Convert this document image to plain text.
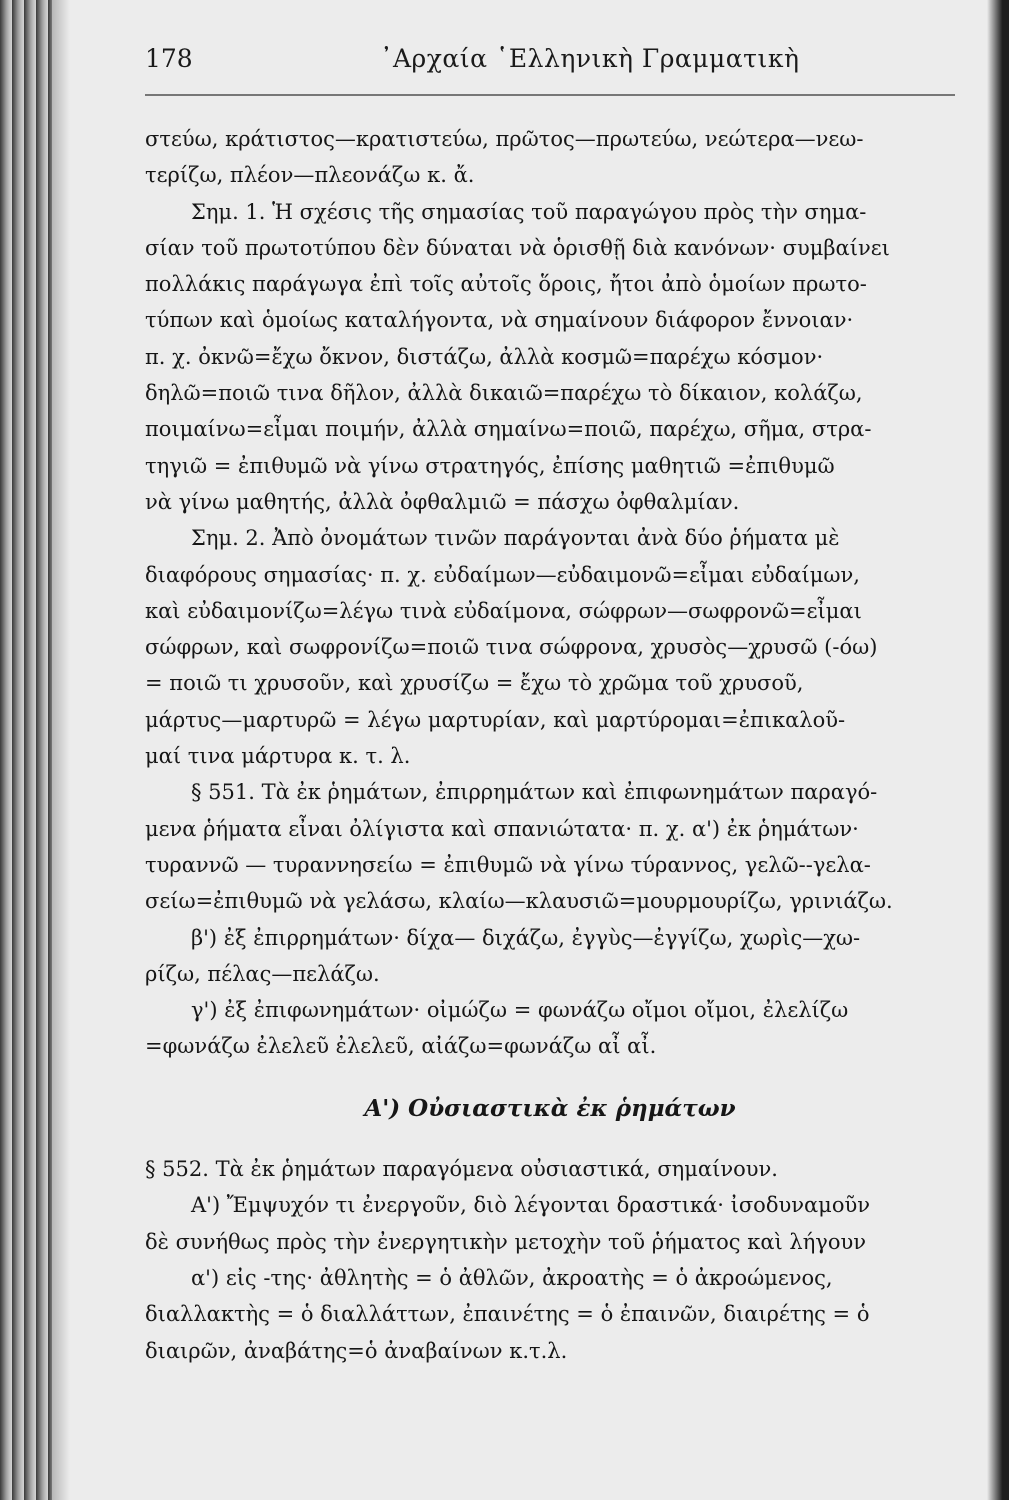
178	᾿Αρχαία ῾Ελληνικὴ Γραμματικὴ
στεύω, κράτιστος—κρατιστεύω, πρῶτος—πρωτεύω, νεώτερα—νεω-
τερίζω, πλέον—πλεονάζω κ. ἄ.
Σημ. 1. Ἡ σχέσις τῆς σημασίας τοῦ παραγώγου πρὸς τὴν σημα-
σίαν τοῦ πρωτοτύπου δὲν δύναται νὰ ὁρισθῇ διὰ κανόνων· συμβαίνει
πολλάκις παράγωγα ἐπὶ τοῖς αὐτοῖς ὅροις, ἤτοι ἀπὸ ὁμοίων πρωτο-
τύπων καὶ ὁμοίως καταλήγοντα, νὰ σημαίνουν διάφορον ἔννοιαν·
π. χ. ὀκνῶ=ἔχω ὄκνον, διστάζω, ἀλλὰ κοσμῶ=παρέχω κόσμον·
δηλῶ=ποιῶ τινα δῆλον, ἀλλὰ δικαιῶ=παρέχω τὸ δίκαιον, κολάζω,
ποιμαίνω=εἶμαι ποιμήν, ἀλλὰ σημαίνω=ποιῶ, παρέχω, σῆμα, στρα-
τηγιῶ = ἐπιθυμῶ νὰ γίνω στρατηγός, ἐπίσης μαθητιῶ =ἐπιθυμῶ
νὰ γίνω μαθητής, ἀλλὰ ὀφθαλμιῶ = πάσχω ὀφθαλμίαν.
Σημ. 2. Ἀπὸ ὀνομάτων τινῶν παράγονται ἀνὰ δύο ῥήματα μὲ
διαφόρους σημασίας· π. χ. εὐδαίμων—εὐδαιμονῶ=εἶμαι εὐδαίμων,
καὶ εὐδαιμονίζω=λέγω τινὰ εὐδαίμονα, σώφρων—σωφρονῶ=εἶμαι
σώφρων, καὶ σωφρονίζω=ποιῶ τινα σώφρονα, χρυσὸς—χρυσῶ (-όω)
= ποιῶ τι χρυσοῦν, καὶ χρυσίζω = ἔχω τὸ χρῶμα τοῦ χρυσοῦ,
μάρτυς—μαρτυρῶ = λέγω μαρτυρίαν, καὶ μαρτύρομαι=ἐπικαλοῦ-
μαί τινα μάρτυρα κ. τ. λ.
§ 551. Τὰ ἐκ ῥημάτων, ἐπιρρημάτων καὶ ἐπιφωνημάτων παραγό-
μενα ῥήματα εἶναι ὀλίγιστα καὶ σπανιώτατα· π. χ. α') ἐκ ῥημάτων·
τυραννῶ — τυραννησείω = ἐπιθυμῶ νὰ γίνω τύραννος, γελῶ--γελα-
σείω=ἐπιθυμῶ νὰ γελάσω, κλαίω—κλαυσιῶ=μουρμουρίζω, γρινιάζω.
β') ἐξ ἐπιρρημάτων· δίχα— διχάζω, ἐγγὺς—ἐγγίζω, χωρὶς—χω-
ρίζω, πέλας—πελάζω.
γ') ἐξ ἐπιφωνημάτων· οἰμώζω = φωνάζω οἴμοι οἴμοι, ἐλελίζω
=φωνάζω ἐλελεῦ ἐλελεῦ, αἰάζω=φωνάζω αἶ αἶ.
Α') Οὐσιαστικὰ ἐκ ῥημάτων
§ 552. Τὰ ἐκ ῥημάτων παραγόμενα οὐσιαστικά, σημαίνουν.
Α') Ἔμψυχόν τι ἐνεργοῦν, διὸ λέγονται δραστικά· ἰσοδυναμοῦν
δὲ συνήθως πρὸς τὴν ἐνεργητικὴν μετοχὴν τοῦ ῥήματος καὶ λήγουν
α') εἰς -της· ἀθλητὴς = ὁ ἀθλῶν, ἀκροατὴς = ὁ ἀκροώμενος,
διαλλακτὴς = ὁ διαλλάττων, ἐπαινέτης = ὁ ἐπαινῶν, διαιρέτης = ὁ
διαιρῶν, ἀναβάτης=ὁ ἀναβαίνων κ.τ.λ.
